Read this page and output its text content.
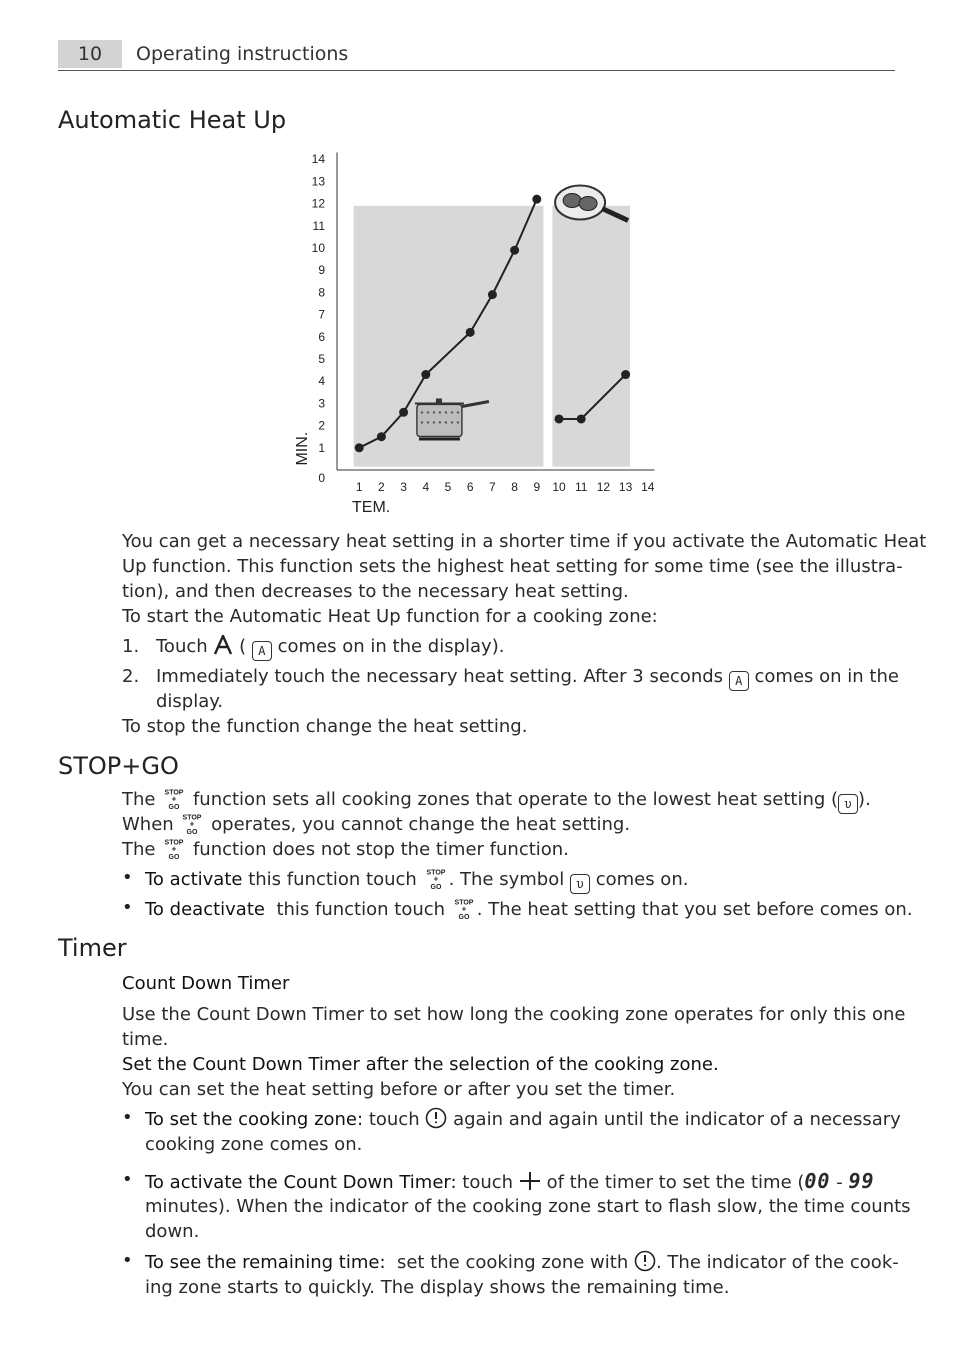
10	Operating instructions
Automatic Heat Up
0
1
2
3
4
5
6
7
8
9
10
11
12
13
14
1 2 3 4 5 6 7 8 9 10 11 12 13 14
TEM.
MIN.
You can get a necessary heat setting in a shorter time if you activate the Automatic Heat
Up function. This function sets the highest heat setting for some time (see the illustra-
tion), and then decreases to the necessary heat setting.
To start the Automatic Heat Up function for a cooking zone:
1. Touch ( A comes on in the display).
2. Immediately touch the necessary heat setting. After 3 seconds A comes on in the
display.
To stop the function change the heat setting.
STOP+GO
The STOP
+
GO function sets all cooking zones that operate to the lowest heat setting ( υ ).
When STOP
+
GO operates, you cannot change the heat setting.
The STOP
+
GO function does not stop the timer function.
• To activate this function touch STOP
+
GO . The symbol υ comes on.
• To deactivate this function touch STOP
+
GO . The heat setting that you set before comes on.
Timer
Count Down Timer
Use the Count Down Timer to set how long the cooking zone operates for only this one
time.
Set the Count Down Timer after the selection of the cooking zone.
You can set the heat setting before or after you set the timer.
• To set the cooking zone: touch again and again until the indicator of a necessary
cooking zone comes on.
• To activate the Count Down Timer: touch of the timer to set the time (00 - 99
minutes). When the indicator of the cooking zone start to flash slow, the time counts
down.
• To see the remaining time: set the cooking zone with . The indicator of the cook-
ing zone starts to quickly. The display shows the remaining time.
